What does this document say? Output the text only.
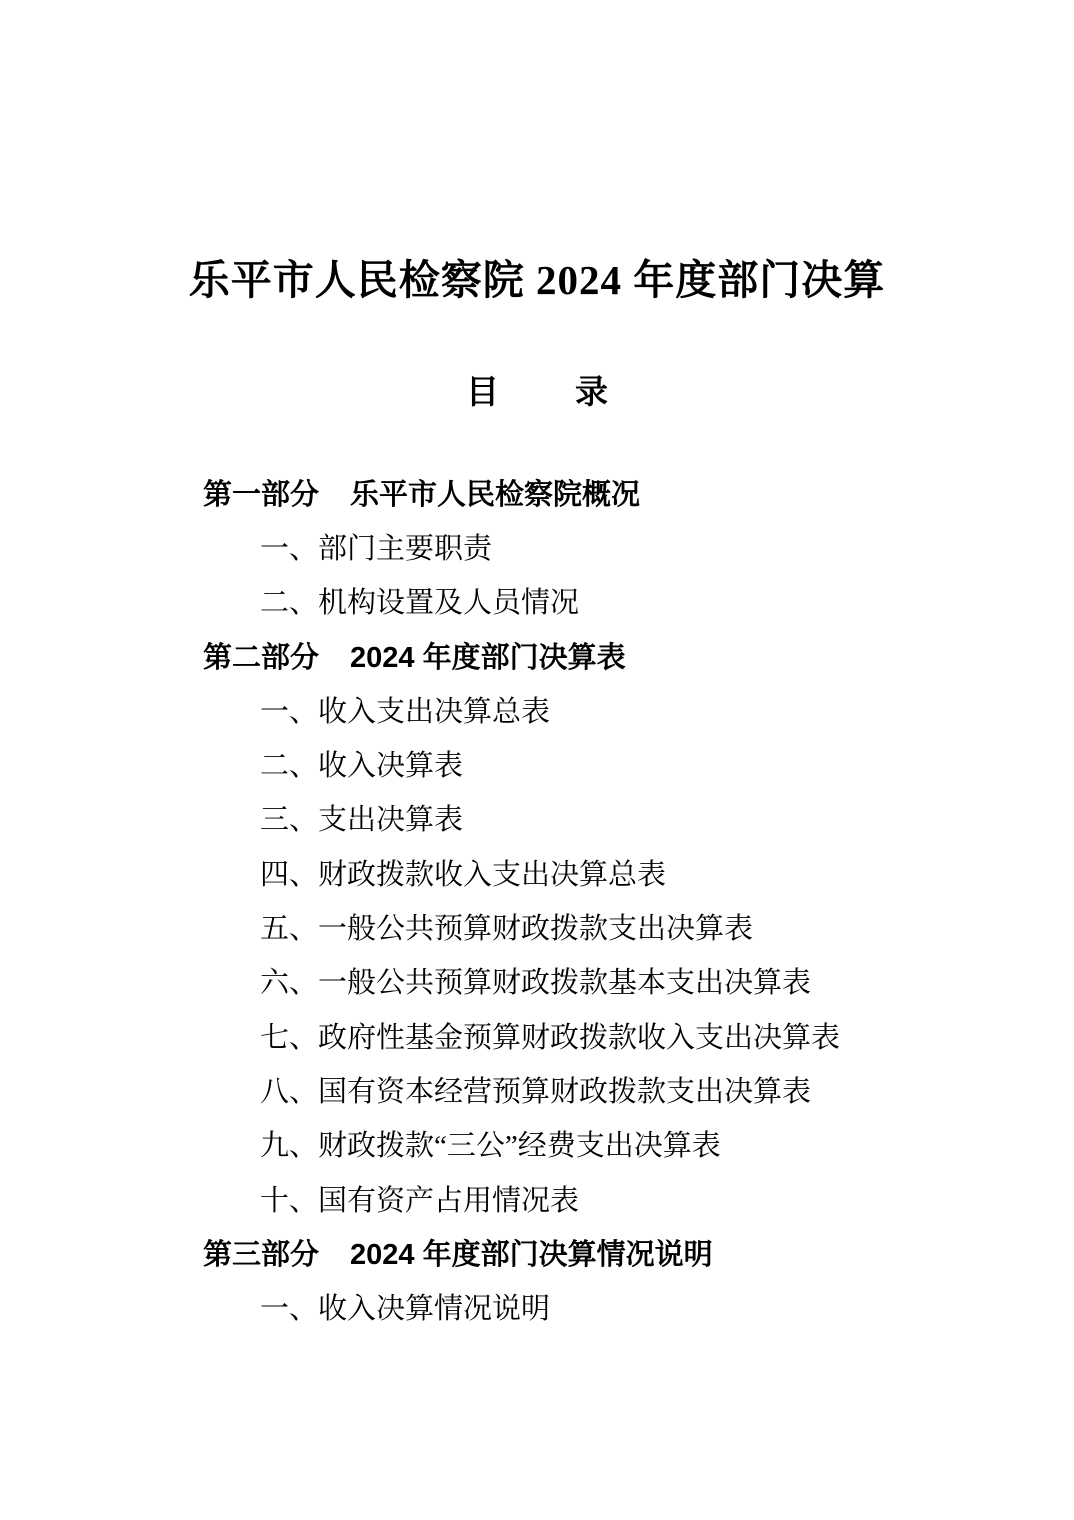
乐平市人民检察院 2024 年度部门决算
目 录
第一部分 乐平市人民检察院概况
一、部门主要职责
二、机构设置及人员情况
第二部分 2024 年度部门决算表
一、收入支出决算总表
二、收入决算表
三、支出决算表
四、财政拨款收入支出决算总表
五、一般公共预算财政拨款支出决算表
六、一般公共预算财政拨款基本支出决算表
七、政府性基金预算财政拨款收入支出决算表
八、国有资本经营预算财政拨款支出决算表
九、财政拨款“三公”经费支出决算表
十、国有资产占用情况表
第三部分 2024 年度部门决算情况说明
一、收入决算情况说明
